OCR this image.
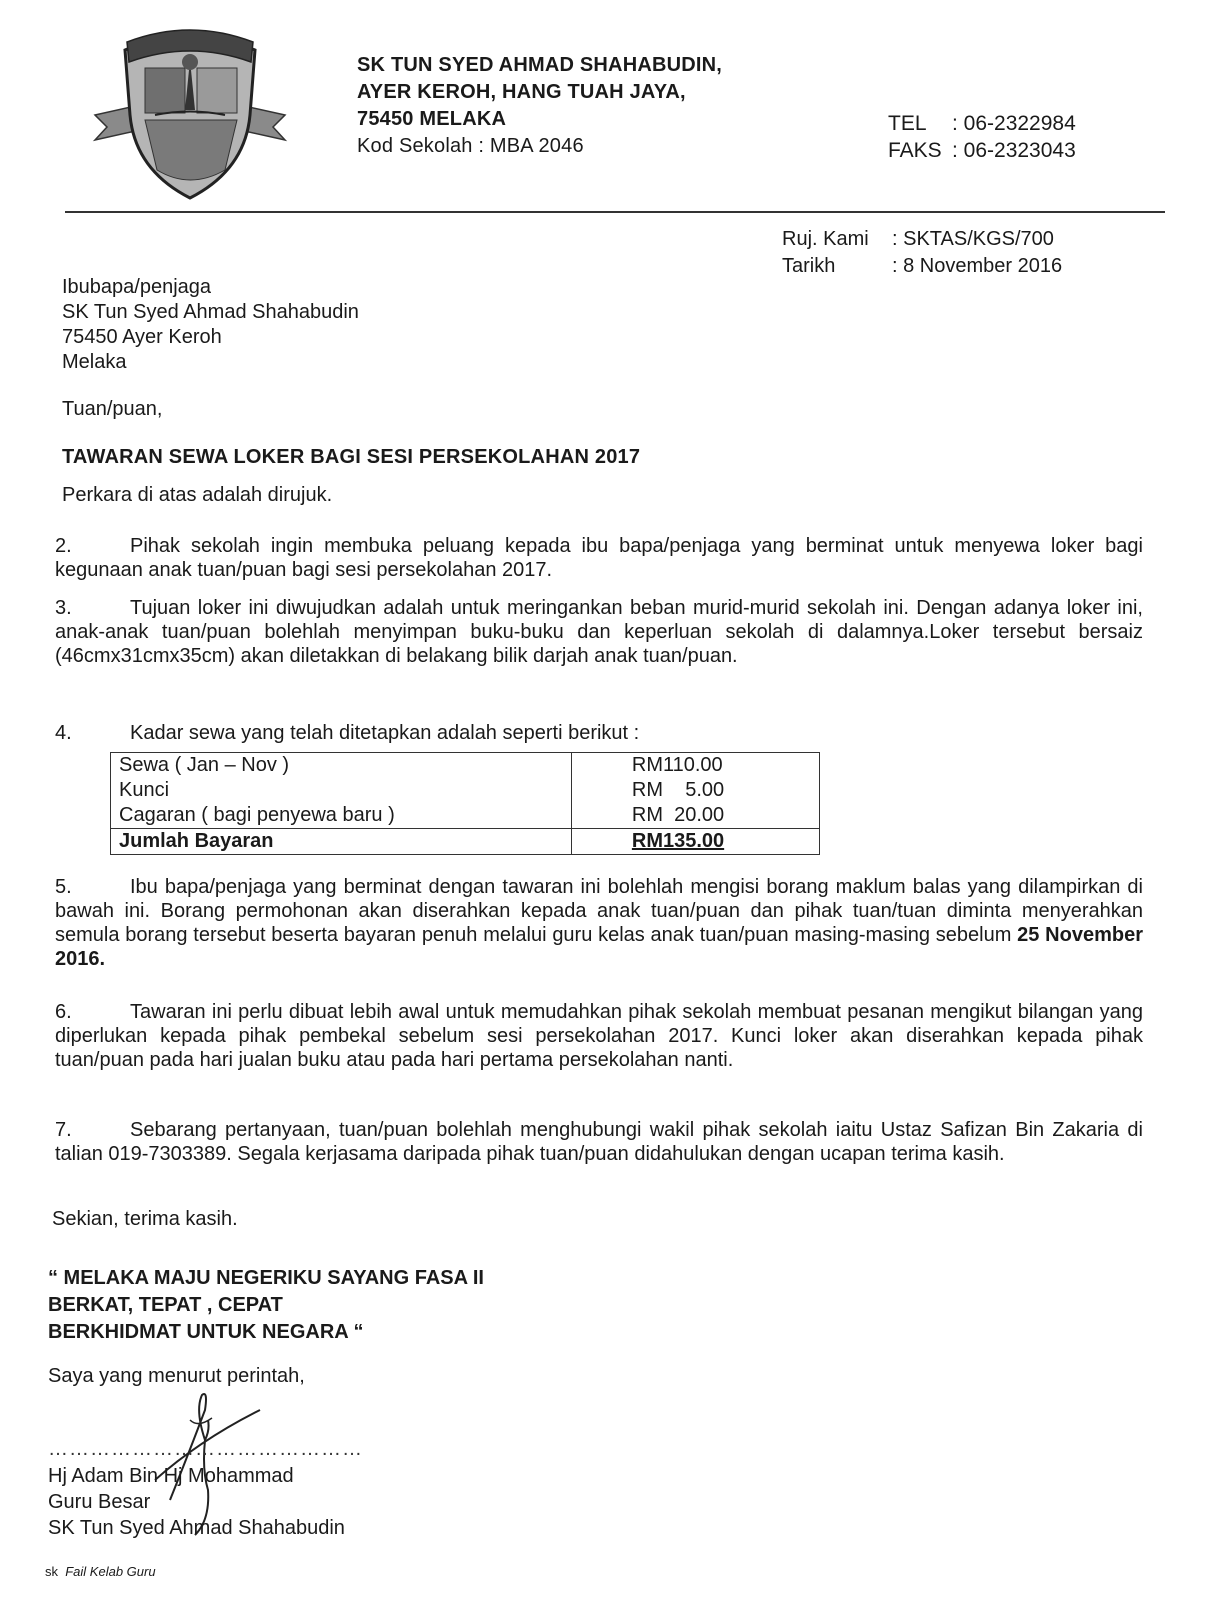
SK TUN SYED AHMAD SHAHABUDIN,
AYER KEROH, HANG TUAH JAYA,
75450 MELAKA
Kod Sekolah : MBA 2046
TEL : 06-2322984
FAKS : 06-2323043
Ruj. Kami : SKTAS/KGS/700
Tarikh	: 8 November 2016
Ibubapa/penjaga
SK Tun Syed Ahmad Shahabudin
75450 Ayer Keroh
Melaka
Tuan/puan,
TAWARAN SEWA LOKER BAGI SESI PERSEKOLAHAN 2017
Perkara di atas adalah dirujuk.
2.	Pihak sekolah ingin membuka peluang kepada ibu bapa/penjaga yang berminat untuk menyewa loker bagi kegunaan anak tuan/puan bagi sesi persekolahan 2017.
3.	Tujuan loker ini diwujudkan adalah untuk meringankan beban murid-murid sekolah ini. Dengan adanya loker ini, anak-anak tuan/puan bolehlah menyimpan buku-buku dan keperluan sekolah di dalamnya.Loker tersebut bersaiz (46cmx31cmx35cm) akan diletakkan di belakang bilik darjah anak tuan/puan.
4.	Kadar sewa yang telah ditetapkan adalah seperti berikut :
Sewa ( Jan – Nov )	RM110.00
Kunci	RM    5.00
Cagaran ( bagi penyewa baru )	RM  20.00
Jumlah Bayaran	RM135.00
5.	Ibu bapa/penjaga yang berminat dengan tawaran ini bolehlah mengisi borang maklum balas yang dilampirkan di bawah ini. Borang permohonan akan diserahkan kepada anak tuan/puan dan pihak tuan/tuan diminta menyerahkan semula borang tersebut beserta bayaran penuh melalui guru kelas anak tuan/puan masing-masing sebelum 25 November 2016.
6.	Tawaran ini perlu dibuat lebih awal untuk memudahkan pihak sekolah membuat pesanan mengikut bilangan yang diperlukan kepada pihak pembekal sebelum sesi persekolahan 2017. Kunci loker akan diserahkan kepada pihak tuan/puan pada hari jualan buku atau pada hari pertama persekolahan nanti.
7.	Sebarang pertanyaan, tuan/puan bolehlah menghubungi wakil pihak sekolah iaitu Ustaz Safizan Bin Zakaria di talian 019-7303389. Segala kerjasama daripada pihak tuan/puan didahulukan dengan ucapan terima kasih.
Sekian, terima kasih.
“ MELAKA MAJU NEGERIKU SAYANG FASA II
BERKAT, TEPAT , CEPAT
BERKHIDMAT UNTUK NEGARA “
Saya yang menurut perintah,
………………………………………
Hj Adam Bin Hj Mohammad
Guru Besar
SK Tun Syed Ahmad Shahabudin
sk Fail Kelab Guru
